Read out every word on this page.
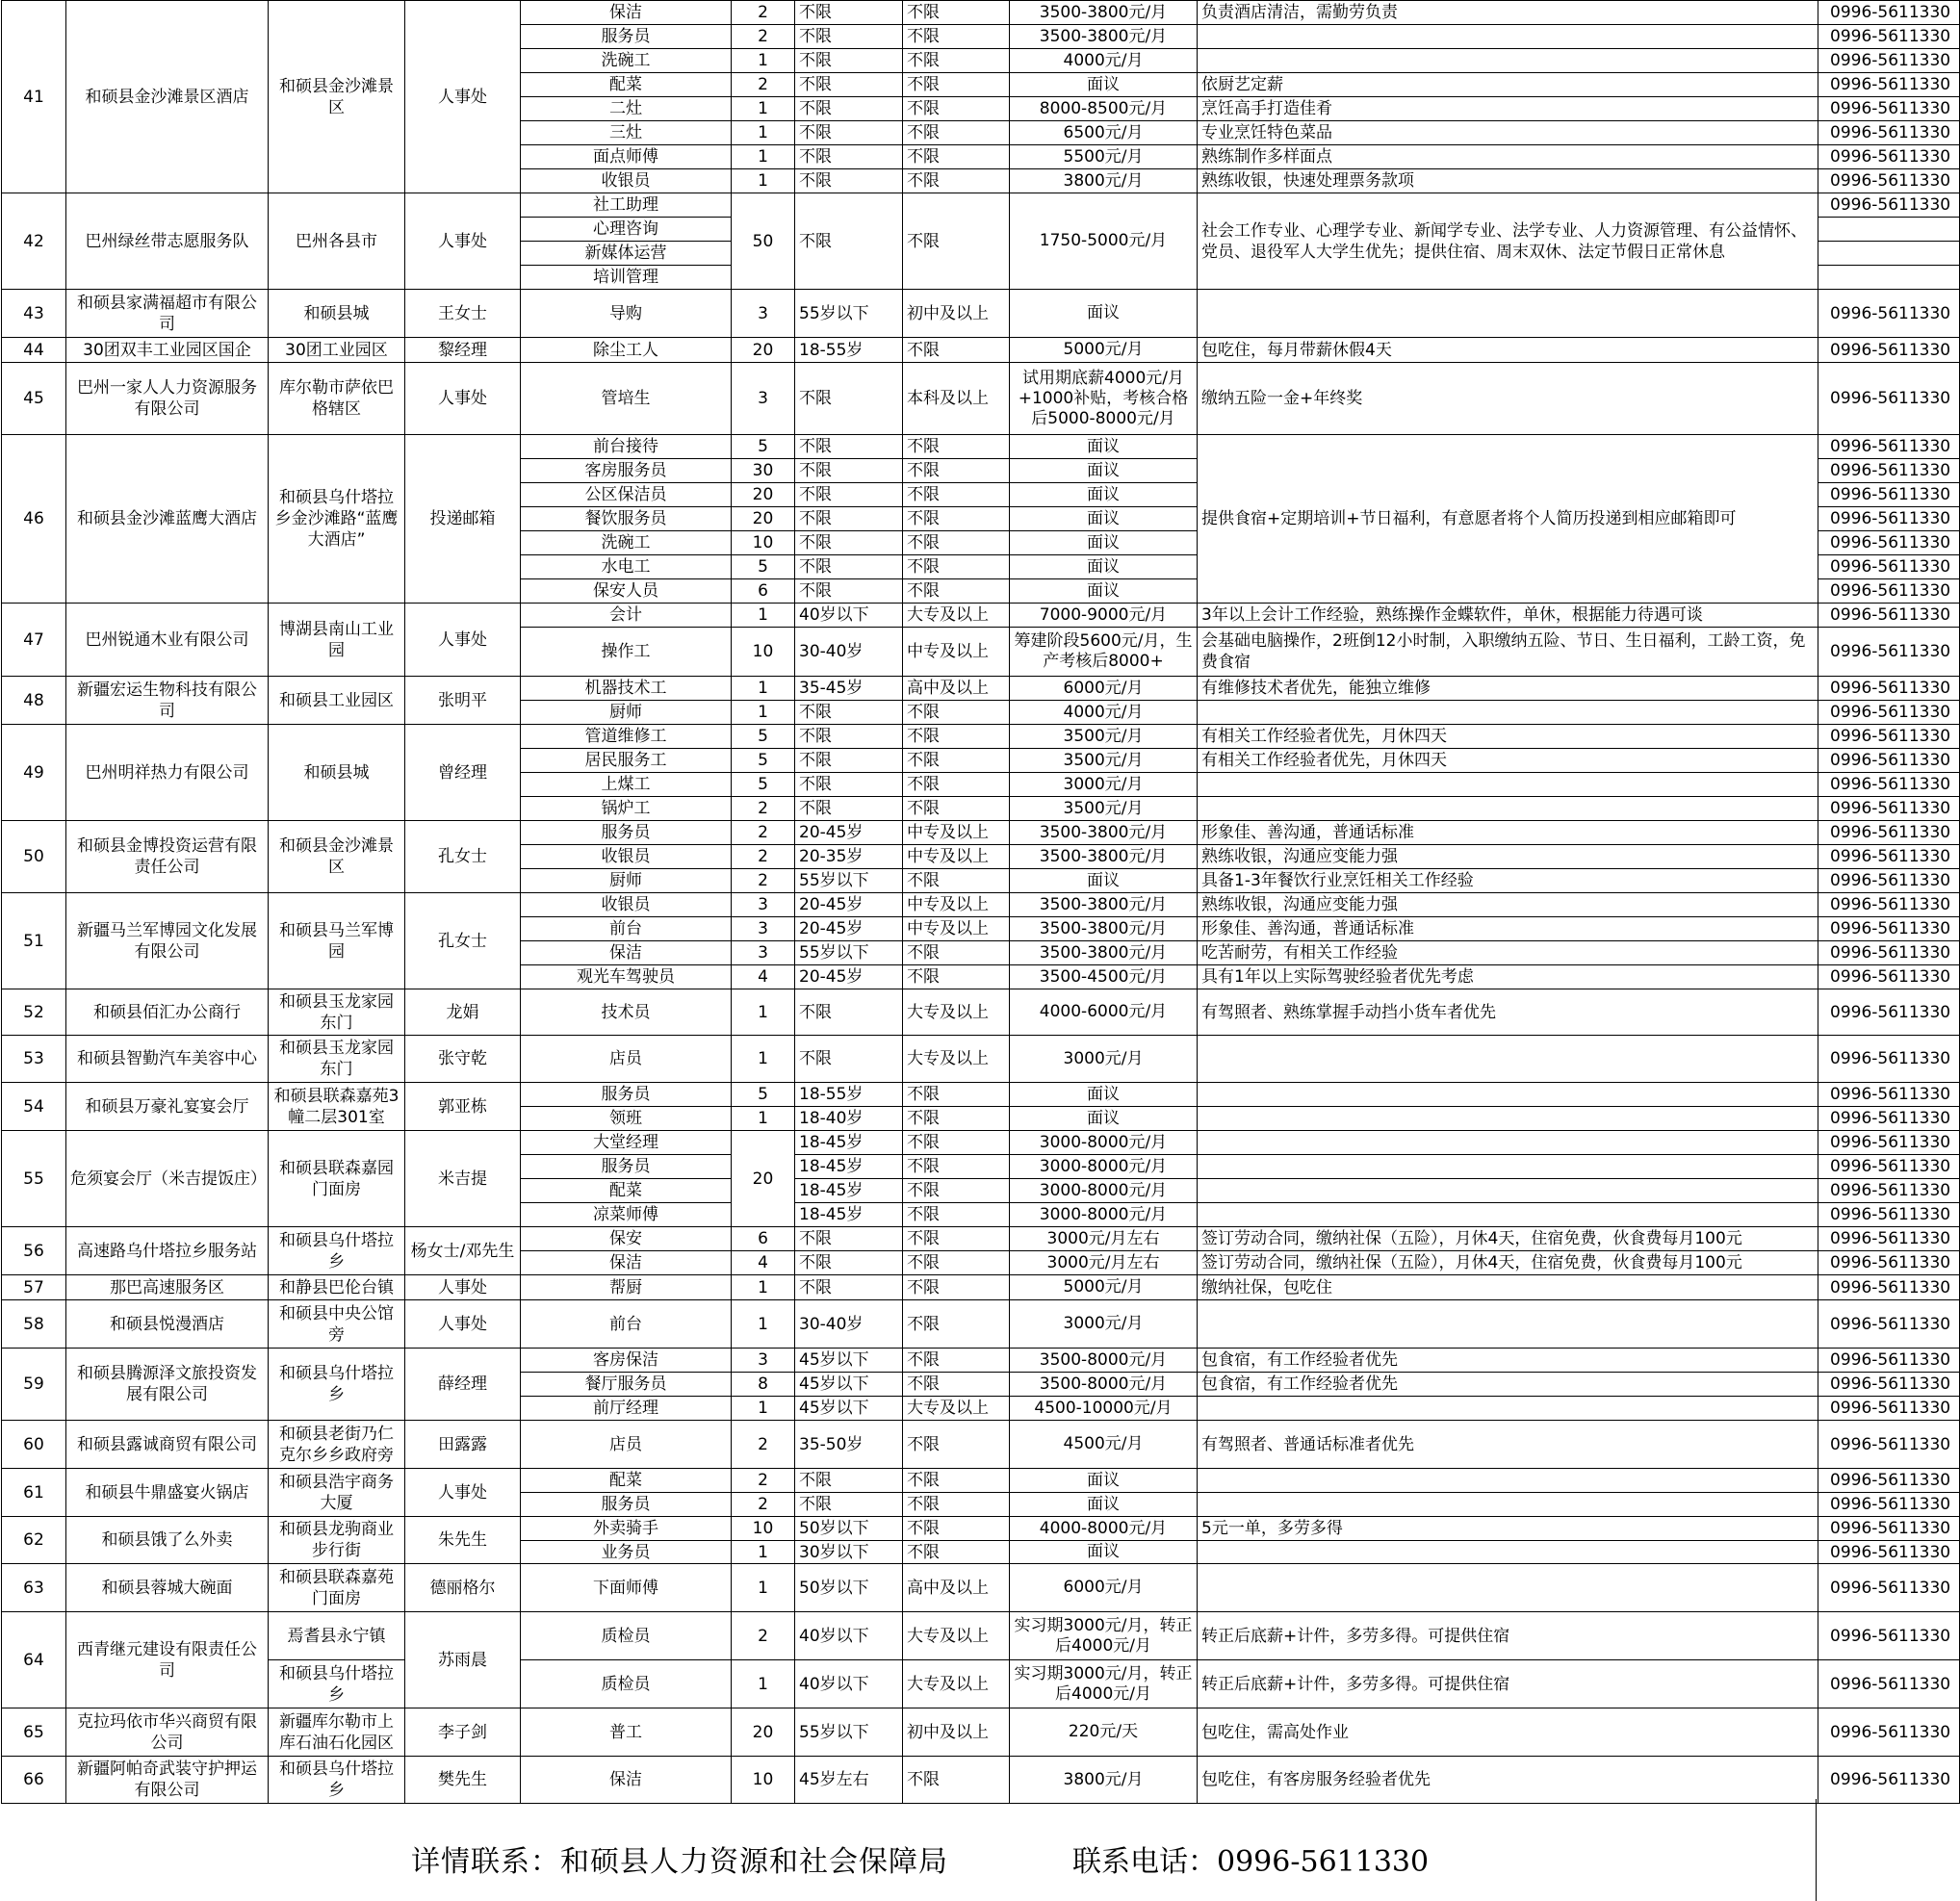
41	和硕县金沙滩景区酒店	和硕县金沙滩景区	人事处	保洁	2	不限	不限	3500-3800元/月	负责酒店清洁，需勤劳负责	0996-5611330
				服务员	2	不限	不限	3500-3800元/月		0996-5611330
				洗碗工	1	不限	不限	4000元/月		0996-5611330
				配菜	2	不限	不限	面议	依厨艺定薪	0996-5611330
				二灶	1	不限	不限	8000-8500元/月	烹饪高手打造佳肴	0996-5611330
				三灶	1	不限	不限	6500元/月	专业烹饪特色菜品	0996-5611330
				面点师傅	1	不限	不限	5500元/月	熟练制作多样面点	0996-5611330
				收银员	1	不限	不限	3800元/月	熟练收银，快速处理票务款项	0996-5611330
42	巴州绿丝带志愿服务队	巴州各县市	人事处	社工助理	50	不限	不限	1750-5000元/月	社会工作专业、心理学专业、新闻学专业、法学专业、人力资源管理、有公益情怀、党员、退役军人大学生优先；提供住宿、周末双休、法定节假日正常休息	0996-5611330
				心理咨询						
				新媒体运营						
				培训管理						
43	和硕县家满福超市有限公司	和硕县城	王女士	导购	3	55岁以下	初中及以上	面议		0996-5611330
44	30团双丰工业园区国企	30团工业园区	黎经理	除尘工人	20	18-55岁	不限	5000元/月	包吃住，每月带薪休假4天	0996-5611330
45	巴州一家人人力资源服务有限公司	库尔勒市萨依巴格辖区	人事处	管培生	3	不限	本科及以上	试用期底薪4000元/月+1000补贴，考核合格后5000-8000元/月	缴纳五险一金+年终奖	0996-5611330
46	和硕县金沙滩蓝鹰大酒店	和硕县乌什塔拉乡金沙滩路“蓝鹰大酒店”	投递邮箱	前台接待	5	不限	不限	面议	提供食宿+定期培训+节日福利，有意愿者将个人简历投递到相应邮箱即可	0996-5611330
				客房服务员	30	不限	不限	面议		0996-5611330
				公区保洁员	20	不限	不限	面议		0996-5611330
				餐饮服务员	20	不限	不限	面议		0996-5611330
				洗碗工	10	不限	不限	面议		0996-5611330
				水电工	5	不限	不限	面议		0996-5611330
				保安人员	6	不限	不限	面议		0996-5611330
47	巴州锐通木业有限公司	博湖县南山工业园	人事处	会计	1	40岁以下	大专及以上	7000-9000元/月	3年以上会计工作经验，熟练操作金蝶软件，单休，根据能力待遇可谈	0996-5611330
				操作工	10	30-40岁	中专及以上	筹建阶段5600元/月，生产考核后8000+	会基础电脑操作，2班倒12小时制，入职缴纳五险、节日、生日福利，工龄工资，免费食宿	0996-5611330
48	新疆宏运生物科技有限公司	和硕县工业园区	张明平	机器技术工	1	35-45岁	高中及以上	6000元/月	有维修技术者优先，能独立维修	0996-5611330
				厨师	1	不限	不限	4000元/月		0996-5611330
49	巴州明祥热力有限公司	和硕县城	曾经理	管道维修工	5	不限	不限	3500元/月	有相关工作经验者优先，月休四天	0996-5611330
				居民服务工	5	不限	不限	3500元/月	有相关工作经验者优先，月休四天	0996-5611330
				上煤工	5	不限	不限	3000元/月		0996-5611330
				锅炉工	2	不限	不限	3500元/月		0996-5611330
50	和硕县金博投资运营有限责任公司	和硕县金沙滩景区	孔女士	服务员	2	20-45岁	中专及以上	3500-3800元/月	形象佳、善沟通，普通话标准	0996-5611330
				收银员	2	20-35岁	中专及以上	3500-3800元/月	熟练收银，沟通应变能力强	0996-5611330
				厨师	2	55岁以下	不限	面议	具备1-3年餐饮行业烹饪相关工作经验	0996-5611330
51	新疆马兰军博园文化发展有限公司	和硕县马兰军博园	孔女士	收银员	3	20-45岁	中专及以上	3500-3800元/月	熟练收银，沟通应变能力强	0996-5611330
				前台	3	20-45岁	中专及以上	3500-3800元/月	形象佳、善沟通，普通话标准	0996-5611330
				保洁	3	55岁以下	不限	3500-3800元/月	吃苦耐劳，有相关工作经验	0996-5611330
				观光车驾驶员	4	20-45岁	不限	3500-4500元/月	具有1年以上实际驾驶经验者优先考虑	0996-5611330
52	和硕县佰汇办公商行	和硕县玉龙家园东门	龙娟	技术员	1	不限	大专及以上	4000-6000元/月	有驾照者、熟练掌握手动挡小货车者优先	0996-5611330
53	和硕县智勤汽车美容中心	和硕县玉龙家园东门	张守乾	店员	1	不限	大专及以上	3000元/月		0996-5611330
54	和硕县万豪礼宴宴会厅	和硕县联森嘉苑3幢二层301室	郭亚栋	服务员	5	18-55岁	不限	面议		0996-5611330
				领班	1	18-40岁	不限	面议		0996-5611330
55	危须宴会厅（米吉提饭庄）	和硕县联森嘉园门面房	米吉提	大堂经理	20	18-45岁	不限	3000-8000元/月		0996-5611330
				服务员		18-45岁	不限	3000-8000元/月		0996-5611330
				配菜		18-45岁	不限	3000-8000元/月		0996-5611330
				凉菜师傅		18-45岁	不限	3000-8000元/月		0996-5611330
56	高速路乌什塔拉乡服务站	和硕县乌什塔拉乡	杨女士/邓先生	保安	6	不限	不限	3000元/月左右	签订劳动合同，缴纳社保（五险），月休4天，住宿免费，伙食费每月100元	0996-5611330
				保洁	4	不限	不限	3000元/月左右	签订劳动合同，缴纳社保（五险），月休4天，住宿免费，伙食费每月100元	0996-5611330
57	那巴高速服务区	和静县巴伦台镇	人事处	帮厨	1	不限	不限	5000元/月	缴纳社保，包吃住	0996-5611330
58	和硕县悦漫酒店	和硕县中央公馆旁	人事处	前台	1	30-40岁	不限	3000元/月		0996-5611330
59	和硕县腾源泽文旅投资发展有限公司	和硕县乌什塔拉乡	薛经理	客房保洁	3	45岁以下	不限	3500-8000元/月	包食宿，有工作经验者优先	0996-5611330
				餐厅服务员	8	45岁以下	不限	3500-8000元/月	包食宿，有工作经验者优先	0996-5611330
				前厅经理	1	45岁以下	大专及以上	4500-10000元/月		0996-5611330
60	和硕县露诚商贸有限公司	和硕县老街乃仁克尔乡乡政府旁	田露露	店员	2	35-50岁	不限	4500元/月	有驾照者、普通话标准者优先	0996-5611330
61	和硕县牛鼎盛宴火锅店	和硕县浩宇商务大厦	人事处	配菜	2	不限	不限	面议		0996-5611330
				服务员	2	不限	不限	面议		0996-5611330
62	和硕县饿了么外卖	和硕县龙驹商业步行街	朱先生	外卖骑手	10	50岁以下	不限	4000-8000元/月	5元一单，多劳多得	0996-5611330
				业务员	1	30岁以下	不限	面议		0996-5611330
63	和硕县蓉城大碗面	和硕县联森嘉苑门面房	德丽格尔	下面师傅	1	50岁以下	高中及以上	6000元/月		0996-5611330
64	西青继元建设有限责任公司	焉耆县永宁镇	苏雨晨	质检员	2	40岁以下	大专及以上	实习期3000元/月，转正后4000元/月	转正后底薪+计件，多劳多得。可提供住宿	0996-5611330
		和硕县乌什塔拉乡		质检员	1	40岁以下	大专及以上	实习期3000元/月，转正后4000元/月	转正后底薪+计件，多劳多得。可提供住宿	0996-5611330
65	克拉玛依市华兴商贸有限公司	新疆库尔勒市上库石油石化园区	李子剑	普工	20	55岁以下	初中及以上	220元/天	包吃住，需高处作业	0996-5611330
66	新疆阿帕奇武装守护押运有限公司	和硕县乌什塔拉乡	樊先生	保洁	10	45岁左右	不限	3800元/月	包吃住，有客房服务经验者优先	0996-5611330
详情联系：和硕县人力资源和社会保障局	联系电话：0996-5611330
